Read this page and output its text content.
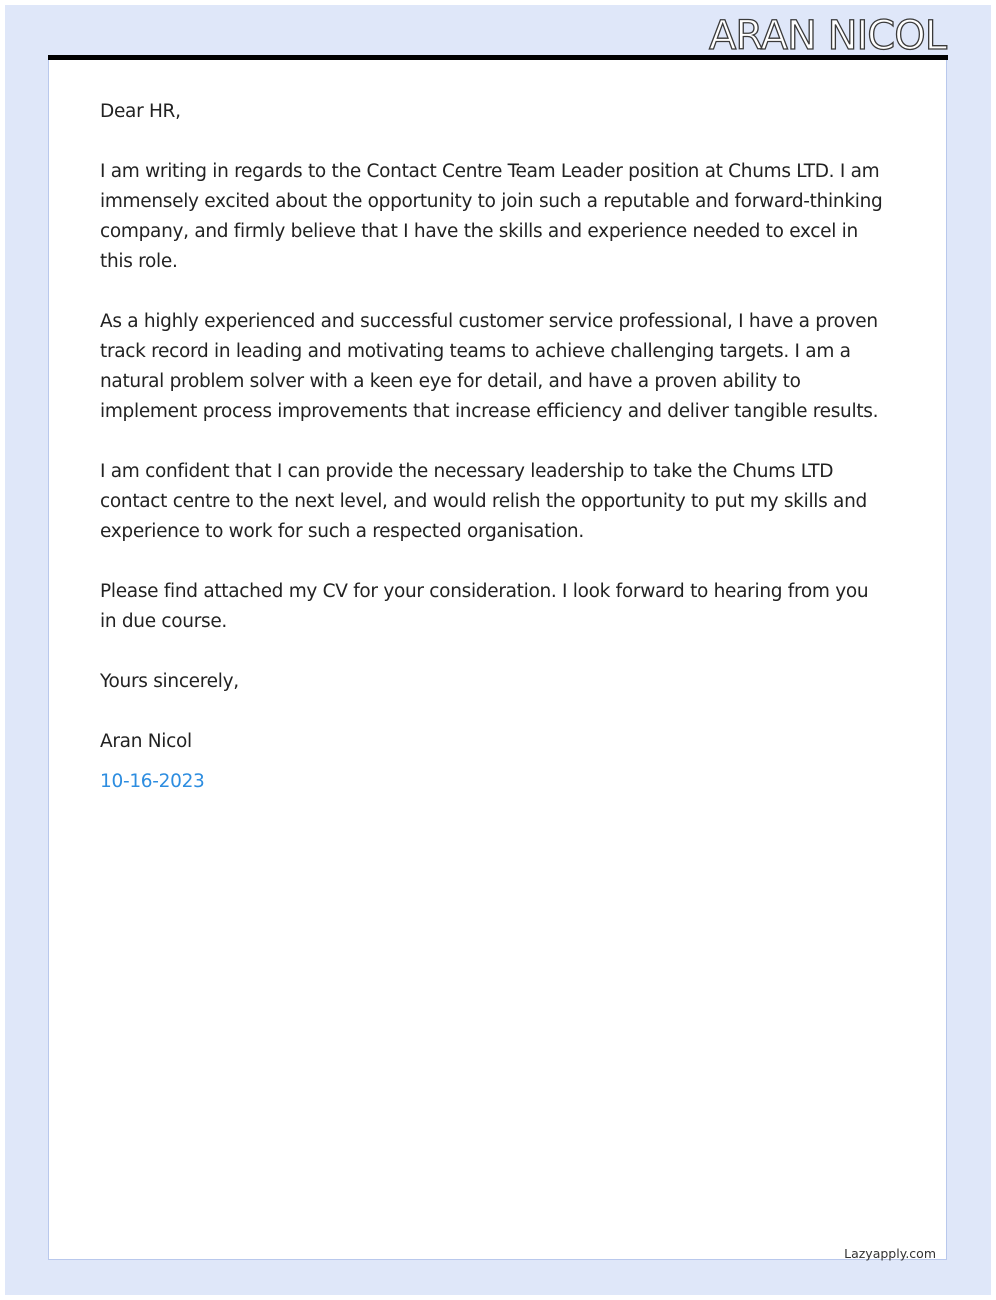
ARAN NICOL

Dear HR,

I am writing in regards to the Contact Centre Team Leader position at Chums LTD. I am immensely excited about the opportunity to join such a reputable and forward-thinking company, and firmly believe that I have the skills and experience needed to excel in this role.

As a highly experienced and successful customer service professional, I have a proven track record in leading and motivating teams to achieve challenging targets. I am a natural problem solver with a keen eye for detail, and have a proven ability to implement process improvements that increase efficiency and deliver tangible results.

I am confident that I can provide the necessary leadership to take the Chums LTD contact centre to the next level, and would relish the opportunity to put my skills and experience to work for such a respected organisation.

Please find attached my CV for your consideration. I look forward to hearing from you in due course.

Yours sincerely,

Aran Nicol

10-16-2023

Lazyapply.com
